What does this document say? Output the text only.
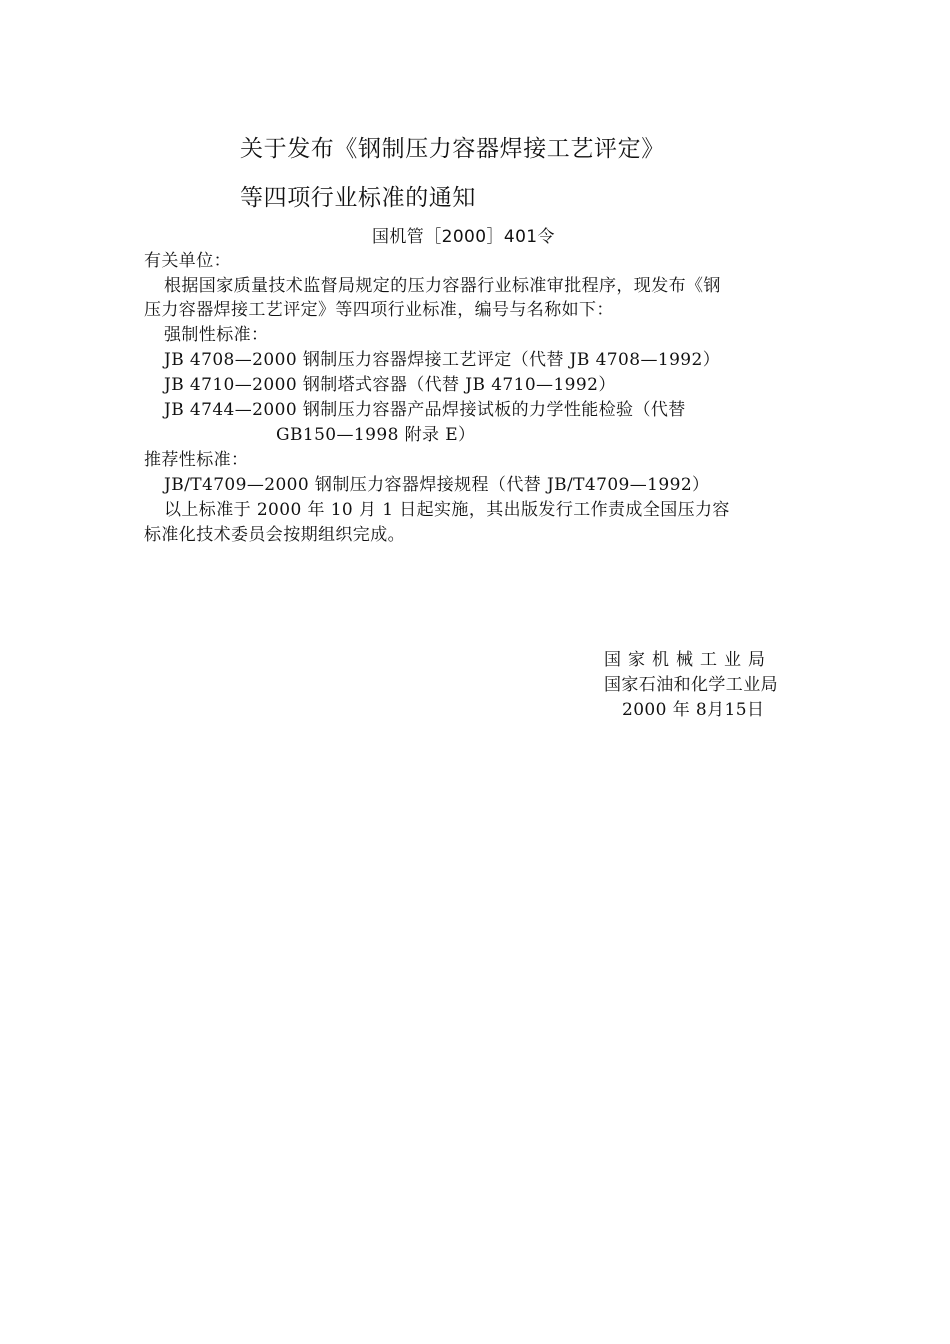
关于发布《钢制压力容器焊接工艺评定》
等四项行业标准的通知
国机管［2000］401令
有关单位：
根据国家质量技术监督局规定的压力容器行业标准审批程序，现发布《钢
压力容器焊接工艺评定》等四项行业标准，编号与名称如下：
强制性标准：
JB 4708—2000 钢制压力容器焊接工艺评定（代替 JB 4708—1992）
JB 4710—2000 钢制塔式容器（代替 JB 4710—1992）
JB 4744—2000 钢制压力容器产品焊接试板的力学性能检验（代替
GB150—1998 附录 E）
推荐性标准：
JB/T4709—2000 钢制压力容器焊接规程（代替 JB/T4709—1992）
以上标准于 2000 年 10 月 1 日起实施，其出版发行工作责成全国压力容
标准化技术委员会按期组织完成。
国家机械工业局
国家石油和化学工业局
2000 年 8月15日
